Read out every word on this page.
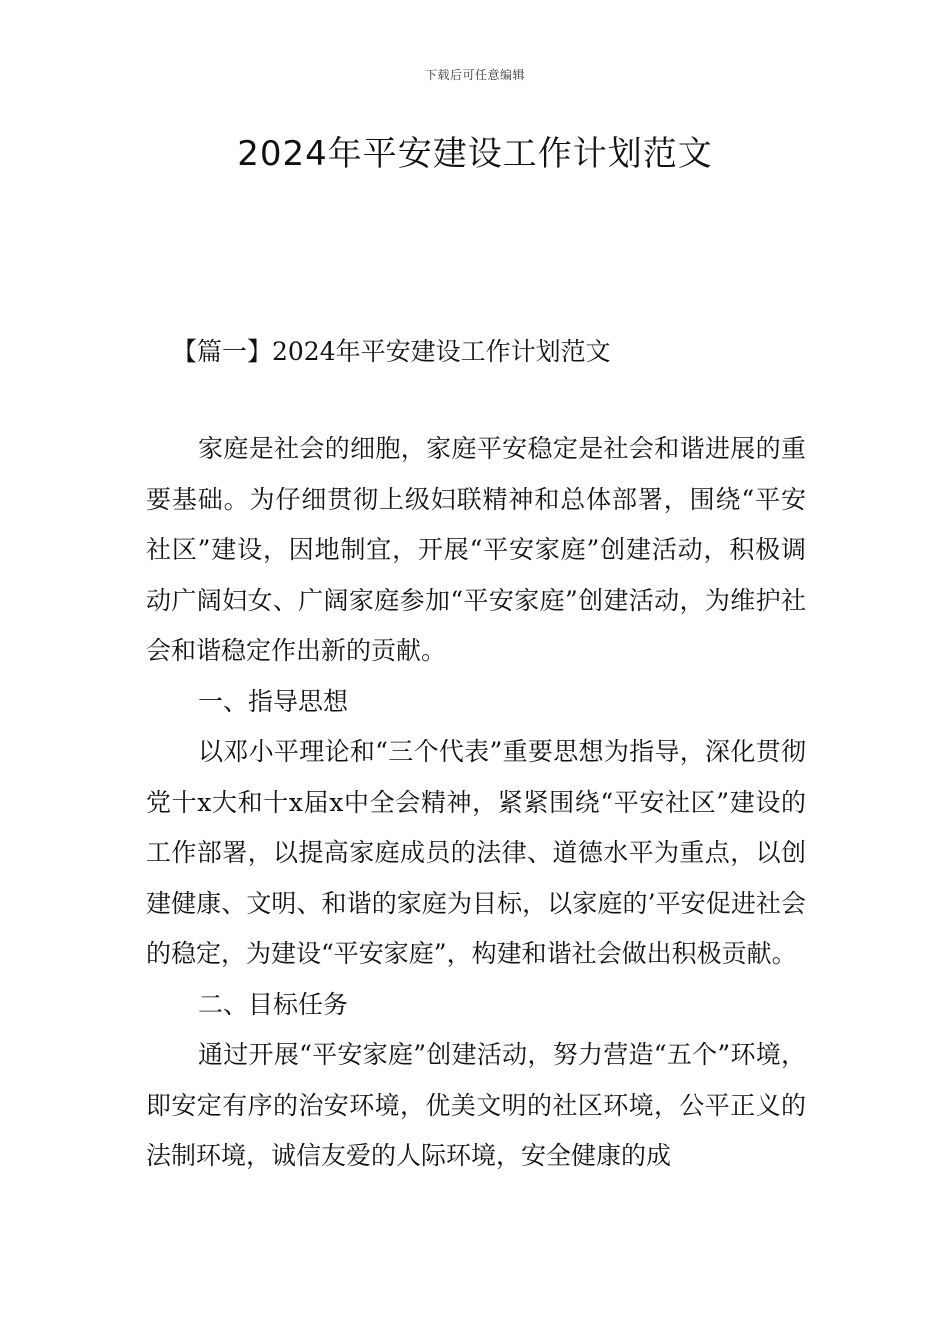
下载后可任意编辑
2024年平安建设工作计划范文
【篇一】2024年平安建设工作计划范文

家庭是社会的细胞，家庭平安稳定是社会和谐进展的重要基础。为仔细贯彻上级妇联精神和总体部署，围绕“平安社区”建设，因地制宜，开展“平安家庭”创建活动，积极调动广阔妇女、广阔家庭参加“平安家庭”创建活动，为维护社会和谐稳定作出新的贡献。

一、指导思想

以邓小平理论和“三个代表”重要思想为指导，深化贯彻党十x大和十x届x中全会精神，紧紧围绕“平安社区”建设的工作部署，以提高家庭成员的法律、道德水平为重点，以创建健康、文明、和谐的家庭为目标，以家庭的’平安促进社会的稳定，为建设“平安家庭”，构建和谐社会做出积极贡献。

二、目标任务

通过开展“平安家庭”创建活动，努力营造“五个”环境，即安定有序的治安环境，优美文明的社区环境，公平正义的法制环境，诚信友爱的人际环境，安全健康的成
